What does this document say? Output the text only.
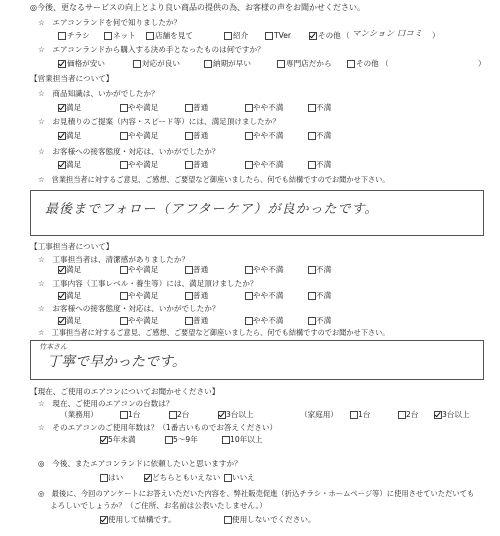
◎今後、更なるサービスの向上とより良い商品の提供の為、お客様の声をお聞かせください。
☆　エアコンランドを何で知りましたか？
チラシ	ネット	店舗を見て	紹介	TVer	その他 （ マンション 口コミ ）
☆　エアコンランドから購入する決め手となったものは何ですか？
価格が安い	対応が良い	納期が早い	専門店だから	その他 （	）
【営業担当者について】
☆　商品知識は、いかがでしたか？
満足	やや満足	普通	やや不満	不満
☆　お見積りのご提案（内容・スピード等）には、満足頂けましたか？
満足	やや満足	普通	やや不満	不満
☆　お客様への接客態度・対応は、いかがでしたか？
満足	やや満足	普通	やや不満	不満
☆　営業担当者に対するご意見、ご感想、ご要望など御座いましたら、何でも結構ですのでお聞かせ下さい。
最後までフォロー（アフターケア）が良かったです。
【工事担当者について】
☆　工事担当者は、清潔感がありましたか？
満足	やや満足	普通	やや不満	不満
☆　工事内容（工事レベル・養生等）には、満足頂けましたか？
満足	やや満足	普通	やや不満	不満
☆　お客様への接客態度・対応は、いかがでしたか？
満足	やや満足	普通	やや不満	不満
☆　工事担当者に対するご意見、ご感想、ご要望など御座いましたら、何でも結構ですのでお聞かせ下さい。
竹本さん
丁寧で早かったです。
【現在、ご使用のエアコンについてお聞かせください】
☆　現在、ご使用のエアコンの台数は？
（業務用）	1台	2台	3台以上	（家庭用）	1台	2台	3台以上
☆　そのエアコンのご使用年数は？（1番古いものでお答えください）
5年未満	5～9年	10年以上
◎　今後、またエアコンランドに依頼したいと思いますか？
はい	どちらともいえない いいえ
◎　最後に、今回のアンケートにお答えいただいた内容を、弊社販売促進（折込チラシ・ホームページ等）に使用させていただいても
よろしいでしょうか？（ご住所、お名前は公表いたしません。）
使用して結構です。	使用しないでください。
